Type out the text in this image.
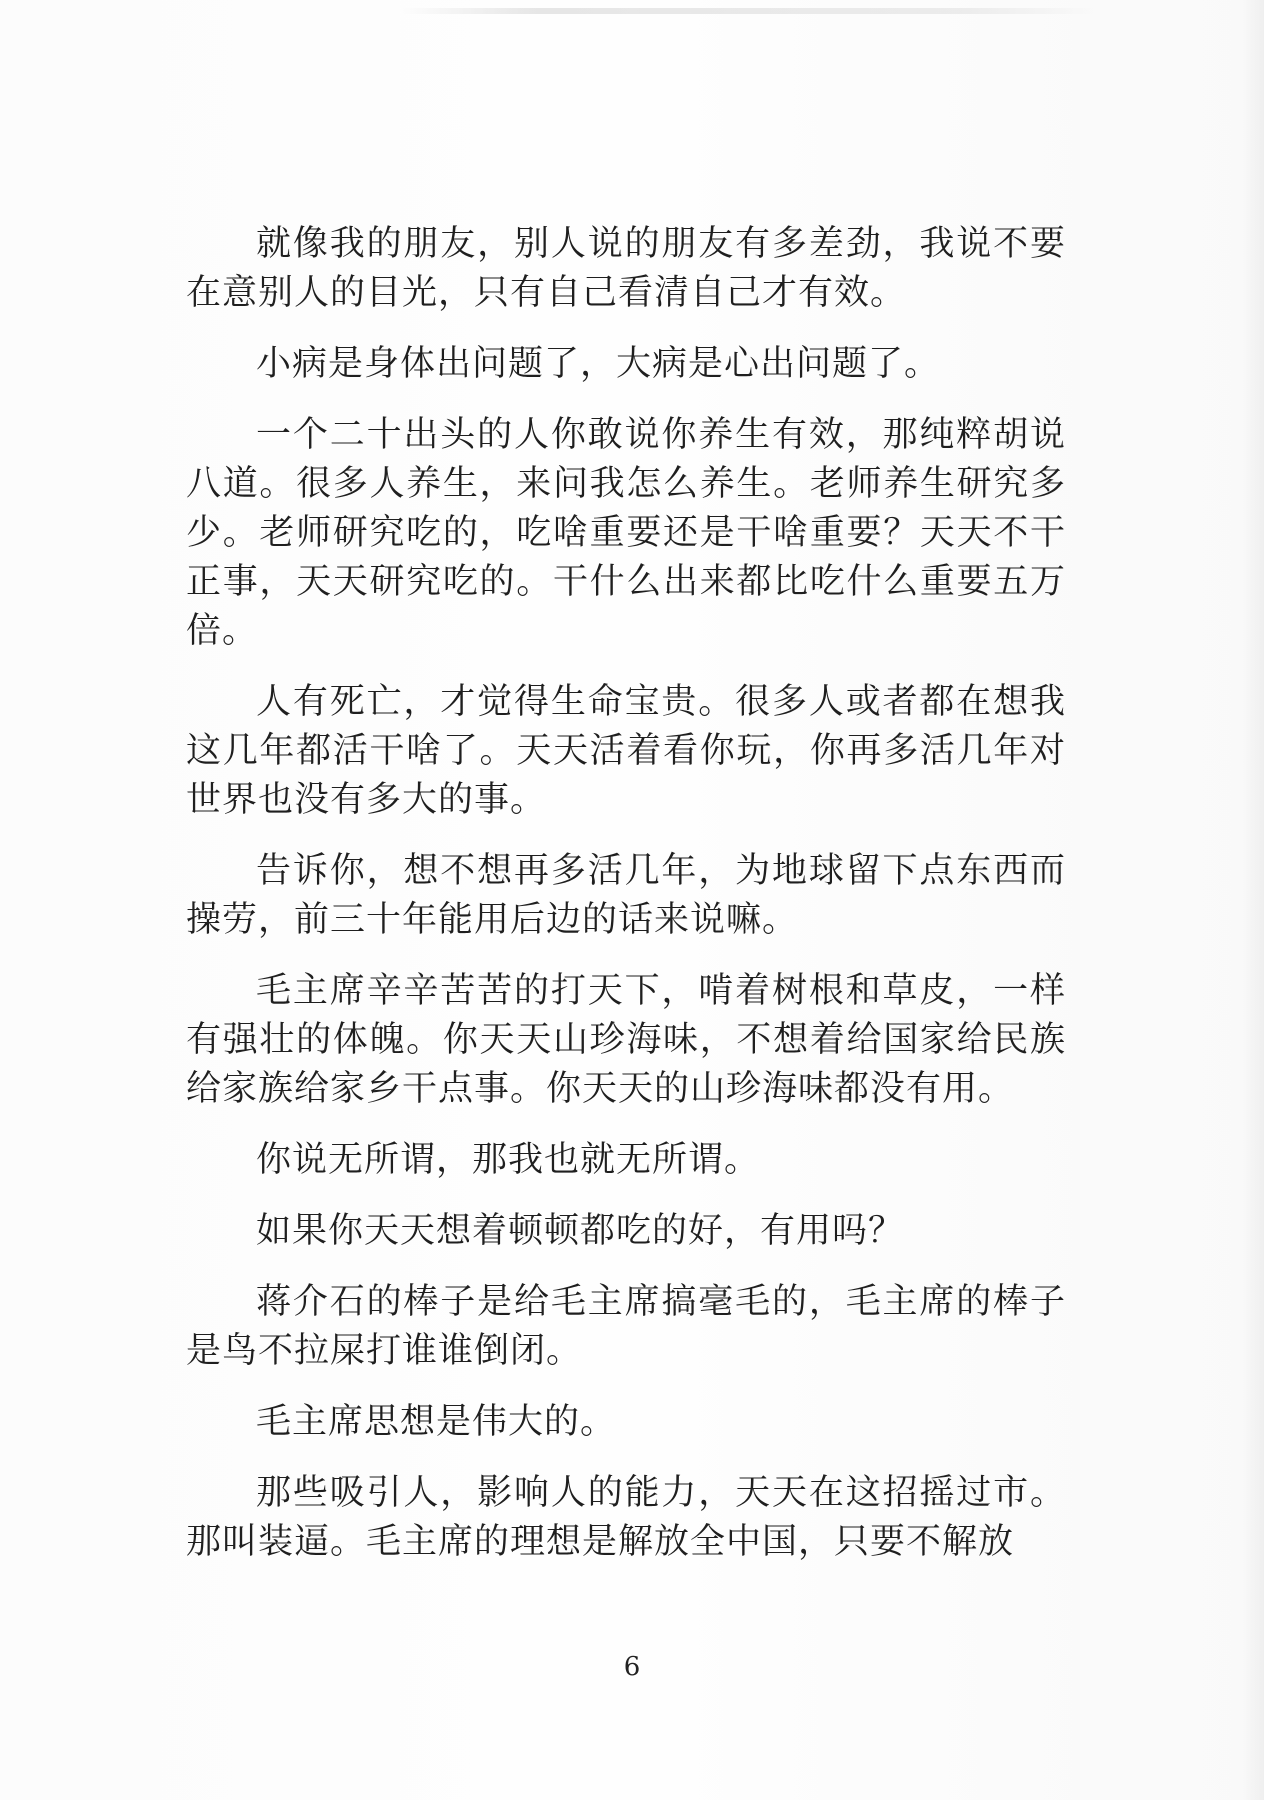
就像我的朋友，别人说的朋友有多差劲，我说不要在意别人的目光，只有自己看清自己才有效。

小病是身体出问题了，大病是心出问题了。

一个二十出头的人你敢说你养生有效，那纯粹胡说八道。很多人养生，来问我怎么养生。老师养生研究多少。老师研究吃的，吃啥重要还是干啥重要？天天不干正事，天天研究吃的。干什么出来都比吃什么重要五万倍。

人有死亡，才觉得生命宝贵。很多人或者都在想我这几年都活干啥了。天天活着看你玩，你再多活几年对世界也没有多大的事。

告诉你，想不想再多活几年，为地球留下点东西而操劳，前三十年能用后边的话来说嘛。

毛主席辛辛苦苦的打天下，啃着树根和草皮，一样有强壮的体魄。你天天山珍海味，不想着给国家给民族给家族给家乡干点事。你天天的山珍海味都没有用。

你说无所谓，那我也就无所谓。

如果你天天想着顿顿都吃的好，有用吗？

蒋介石的棒子是给毛主席搞毫毛的，毛主席的棒子是鸟不拉屎打谁谁倒闭。

毛主席思想是伟大的。

那些吸引人，影响人的能力，天天在这招摇过市。那叫装逼。毛主席的理想是解放全中国，只要不解放

6
